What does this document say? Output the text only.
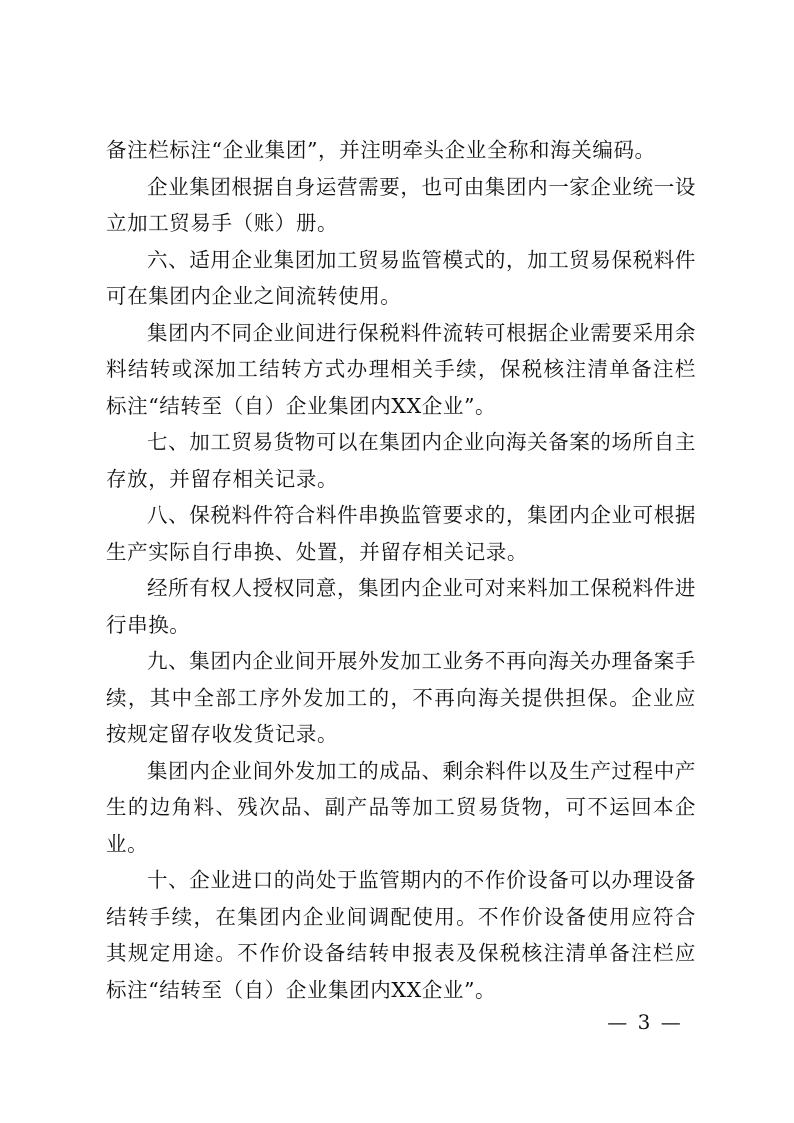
备注栏标注“企业集团”，并注明牵头企业全称和海关编码。

企业集团根据自身运营需要，也可由集团内一家企业统一设立加工贸易手（账）册。

六、适用企业集团加工贸易监管模式的，加工贸易保税料件可在集团内企业之间流转使用。

集团内不同企业间进行保税料件流转可根据企业需要采用余料结转或深加工结转方式办理相关手续，保税核注清单备注栏标注“结转至（自）企业集团内XX企业”。

七、加工贸易货物可以在集团内企业向海关备案的场所自主存放，并留存相关记录。

八、保税料件符合料件串换监管要求的，集团内企业可根据生产实际自行串换、处置，并留存相关记录。

经所有权人授权同意，集团内企业可对来料加工保税料件进行串换。

九、集团内企业间开展外发加工业务不再向海关办理备案手续，其中全部工序外发加工的，不再向海关提供担保。企业应按规定留存收发货记录。

集团内企业间外发加工的成品、剩余料件以及生产过程中产生的边角料、残次品、副产品等加工贸易货物，可不运回本企业。

十、企业进口的尚处于监管期内的不作价设备可以办理设备结转手续，在集团内企业间调配使用。不作价设备使用应符合其规定用途。不作价设备结转申报表及保税核注清单备注栏应标注“结转至（自）企业集团内XX企业”。

— 3 —
